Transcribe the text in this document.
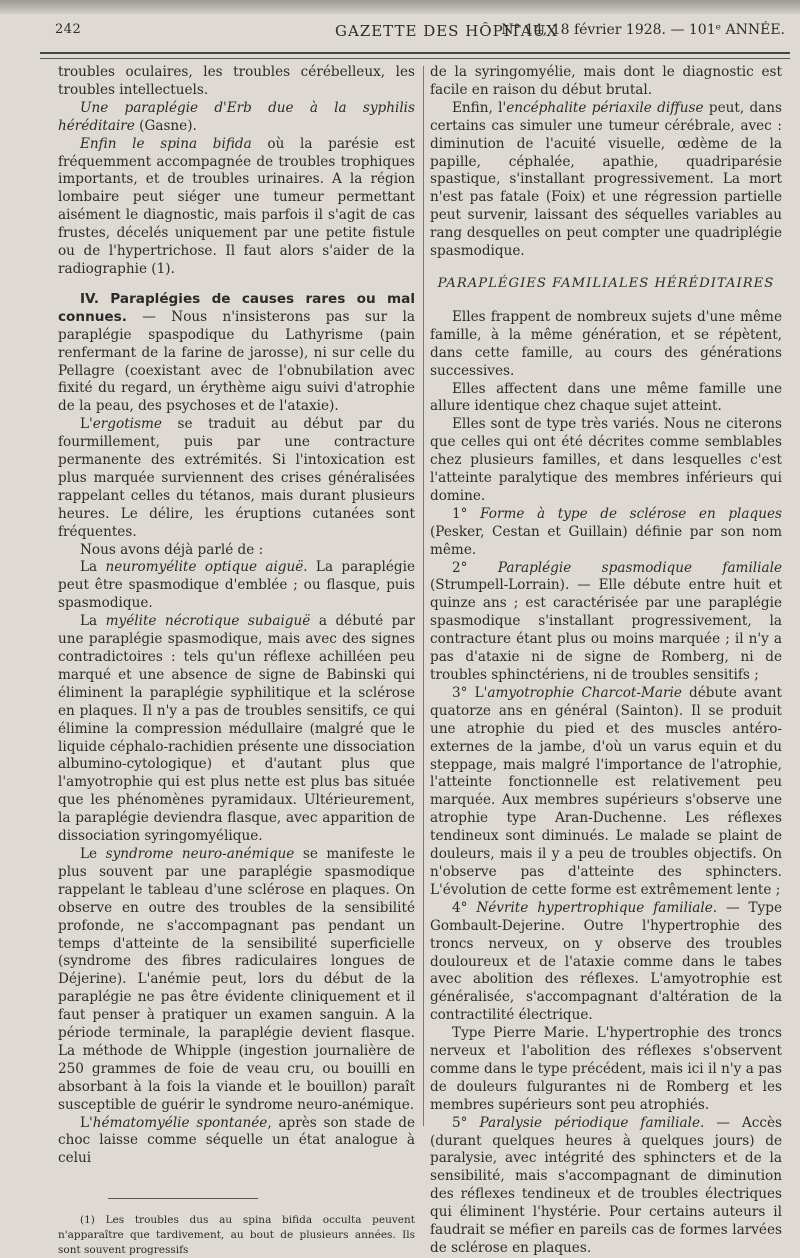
242	GAZETTE DES HÔPITAUX
N° 14, 18 février 1928. — 101ᵉ ANNÉE.

troubles oculaires, les troubles cérébelleux, les troubles intellectuels.

Une paraplégie d'Erb due à la syphilis héréditaire (Gasne).

Enfin le spina bifida où la parésie est fréquemment accompagnée de troubles trophiques importants, et de troubles urinaires. A la région lombaire peut siéger une tumeur permettant aisément le diagnostic, mais parfois il s'agit de cas frustes, décelés uniquement par une petite fistule ou de l'hypertrichose. Il faut alors s'aider de la radiographie (1).

IV. Paraplégies de causes rares ou mal connues. — Nous n'insisterons pas sur la paraplégie spaspodique du Lathyrisme (pain renfermant de la farine de jarosse), ni sur celle du Pellagre (coexistant avec de l'obnubilation avec fixité du regard, un érythème aigu suivi d'atrophie de la peau, des psychoses et de l'ataxie).

L'ergotisme se traduit au début par du fourmillement, puis par une contracture permanente des extrémités. Si l'intoxication est plus marquée surviennent des crises généralisées rappelant celles du tétanos, mais durant plusieurs heures. Le délire, les éruptions cutanées sont fréquentes.

Nous avons déjà parlé de :

La neuromyélite optique aiguë. La paraplégie peut être spasmodique d'emblée ; ou flasque, puis spasmodique.

La myélite nécrotique subaiguë a débuté par une paraplégie spasmodique, mais avec des signes contradictoires : tels qu'un réflexe achilléen peu marqué et une absence de signe de Babinski qui éliminent la paraplégie syphilitique et la sclérose en plaques. Il n'y a pas de troubles sensitifs, ce qui élimine la compression médullaire (malgré que le liquide céphalo-rachidien présente une dissociation albumino-cytologique) et d'autant plus que l'amyotrophie qui est plus nette est plus bas située que les phénomènes pyramidaux. Ultérieurement, la paraplégie deviendra flasque, avec apparition de dissociation syringomyélique.

Le syndrome neuro-anémique se manifeste le plus souvent par une paraplégie spasmodique rappelant le tableau d'une sclérose en plaques. On observe en outre des troubles de la sensibilité profonde, ne s'accompagnant pas pendant un temps d'atteinte de la sensibilité superficielle (syndrome des fibres radiculaires longues de Déjerine). L'anémie peut, lors du début de la paraplégie ne pas être évidente cliniquement et il faut penser à pratiquer un examen sanguin. A la période terminale, la paraplégie devient flasque. La méthode de Whipple (ingestion journalière de 250 grammes de foie de veau cru, ou bouilli en absorbant à la fois la viande et le bouillon) paraît susceptible de guérir le syndrome neuro-anémique.

L'hématomyélie spontanée, après son stade de choc laisse comme séquelle un état analogue à celui

(1) Les troubles dus au spina bifida occulta peuvent n'apparaître que tardivement, au bout de plusieurs années. Ils sont souvent progressifs

de la syringomyélie, mais dont le diagnostic est facile en raison du début brutal.

Enfin, l'encéphalite périaxile diffuse peut, dans certains cas simuler une tumeur cérébrale, avec : diminution de l'acuité visuelle, œdème de la papille, céphalée, apathie, quadriparésie spastique, s'installant progressivement. La mort n'est pas fatale (Foix) et une régression partielle peut survenir, laissant des séquelles variables au rang desquelles on peut compter une quadriplégie spasmodique.

PARAPLÉGIES FAMILIALES HÉRÉDITAIRES

Elles frappent de nombreux sujets d'une même famille, à la même génération, et se répètent, dans cette famille, au cours des générations successives.

Elles affectent dans une même famille une allure identique chez chaque sujet atteint.

Elles sont de type très variés. Nous ne citerons que celles qui ont été décrites comme semblables chez plusieurs familles, et dans lesquelles c'est l'atteinte paralytique des membres inférieurs qui domine.

1° Forme à type de sclérose en plaques (Pesker, Cestan et Guillain) définie par son nom même.

2° Paraplégie spasmodique familiale (Strumpell-Lorrain). — Elle débute entre huit et quinze ans ; est caractérisée par une paraplégie spasmodique s'installant progressivement, la contracture étant plus ou moins marquée ; il n'y a pas d'ataxie ni de signe de Romberg, ni de troubles sphinctériens, ni de troubles sensitifs ;

3° L'amyotrophie Charcot-Marie débute avant quatorze ans en général (Sainton). Il se produit une atrophie du pied et des muscles antéro-externes de la jambe, d'où un varus equin et du steppage, mais malgré l'importance de l'atrophie, l'atteinte fonctionnelle est relativement peu marquée. Aux membres supérieurs s'observe une atrophie type Aran-Duchenne. Les réflexes tendineux sont diminués. Le malade se plaint de douleurs, mais il y a peu de troubles objectifs. On n'observe pas d'atteinte des sphincters. L'évolution de cette forme est extrêmement lente ;

4° Névrite hypertrophique familiale. — Type Gombault-Dejerine. Outre l'hypertrophie des troncs nerveux, on y observe des troubles douloureux et de l'ataxie comme dans le tabes avec abolition des réflexes. L'amyotrophie est généralisée, s'accompagnant d'altération de la contractilité électrique.

Type Pierre Marie. L'hypertrophie des troncs nerveux et l'abolition des réflexes s'observent comme dans le type précédent, mais ici il n'y a pas de douleurs fulgurantes ni de Romberg et les membres supérieurs sont peu atrophiés.

5° Paralysie périodique familiale. — Accès (durant quelques heures à quelques jours) de paralysie, avec intégrité des sphincters et de la sensibilité, mais s'accompagnant de diminution des réflexes tendineux et de troubles électriques qui éliminent l'hystérie. Pour certains auteurs il faudrait se méfier en pareils cas de formes larvées de sclérose en plaques.
